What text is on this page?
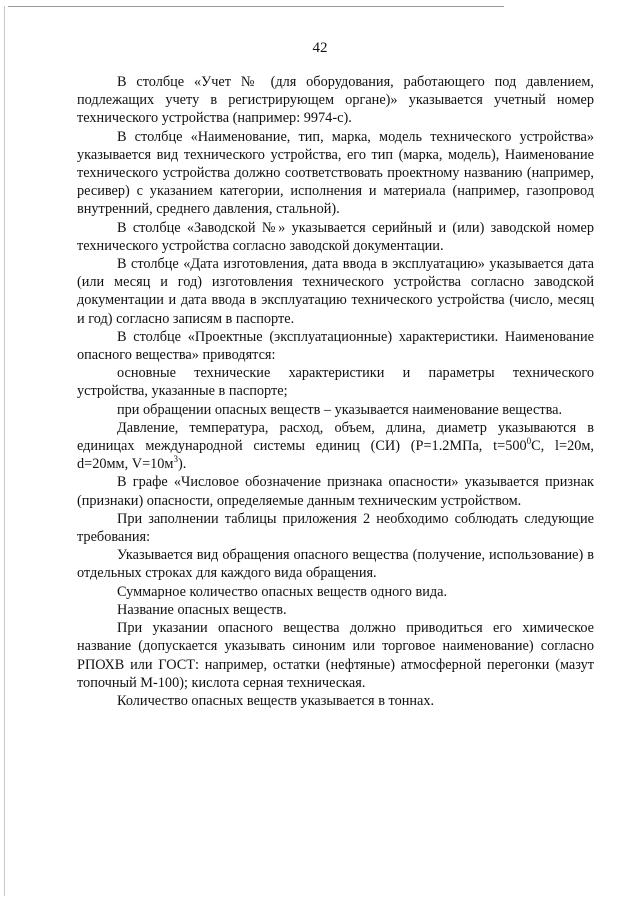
42

В столбце «Учет № (для оборудования, работающего под давлением, подлежащих учету в регистрирующем органе)» указывается учетный номер технического устройства (например: 9974-с).

В столбце «Наименование, тип, марка, модель технического устройства» указывается вид технического устройства, его тип (марка, модель), Наименование технического устройства должно соответствовать проектному названию (например, ресивер) с указанием категории, исполнения и материала (например, газопровод внутренний, среднего давления, стальной).

В столбце «Заводской №» указывается серийный и (или) заводской номер технического устройства согласно заводской документации.

В столбце «Дата изготовления, дата ввода в эксплуатацию» указывается дата (или месяц и год) изготовления технического устройства согласно заводской документации и дата ввода в эксплуатацию технического устройства (число, месяц и год) согласно записям в паспорте.

В столбце «Проектные (эксплуатационные) характеристики. Наименование опасного вещества» приводятся:

основные технические характеристики и параметры технического устройства, указанные в паспорте;

при обращении опасных веществ – указывается наименование вещества.

Давление, температура, расход, объем, длина, диаметр указываются в единицах международной системы единиц (СИ) (Р=1.2МПа, $t=500^0С$, l=20м, d=20мм, $V=10м^3$).

В графе «Числовое обозначение признака опасности» указывается признак (признаки) опасности, определяемые данным техническим устройством.

При заполнении таблицы приложения 2 необходимо соблюдать следующие требования:

Указывается вид обращения опасного вещества (получение, использование) в отдельных строках для каждого вида обращения.

Суммарное количество опасных веществ одного вида.

Название опасных веществ.

При указании опасного вещества должно приводиться его химическое название (допускается указывать синоним или торговое наименование) согласно РПОХВ или ГОСТ: например, остатки (нефтяные) атмосферной перегонки (мазут топочный М-100); кислота серная техническая.

Количество опасных веществ указывается в тоннах.
